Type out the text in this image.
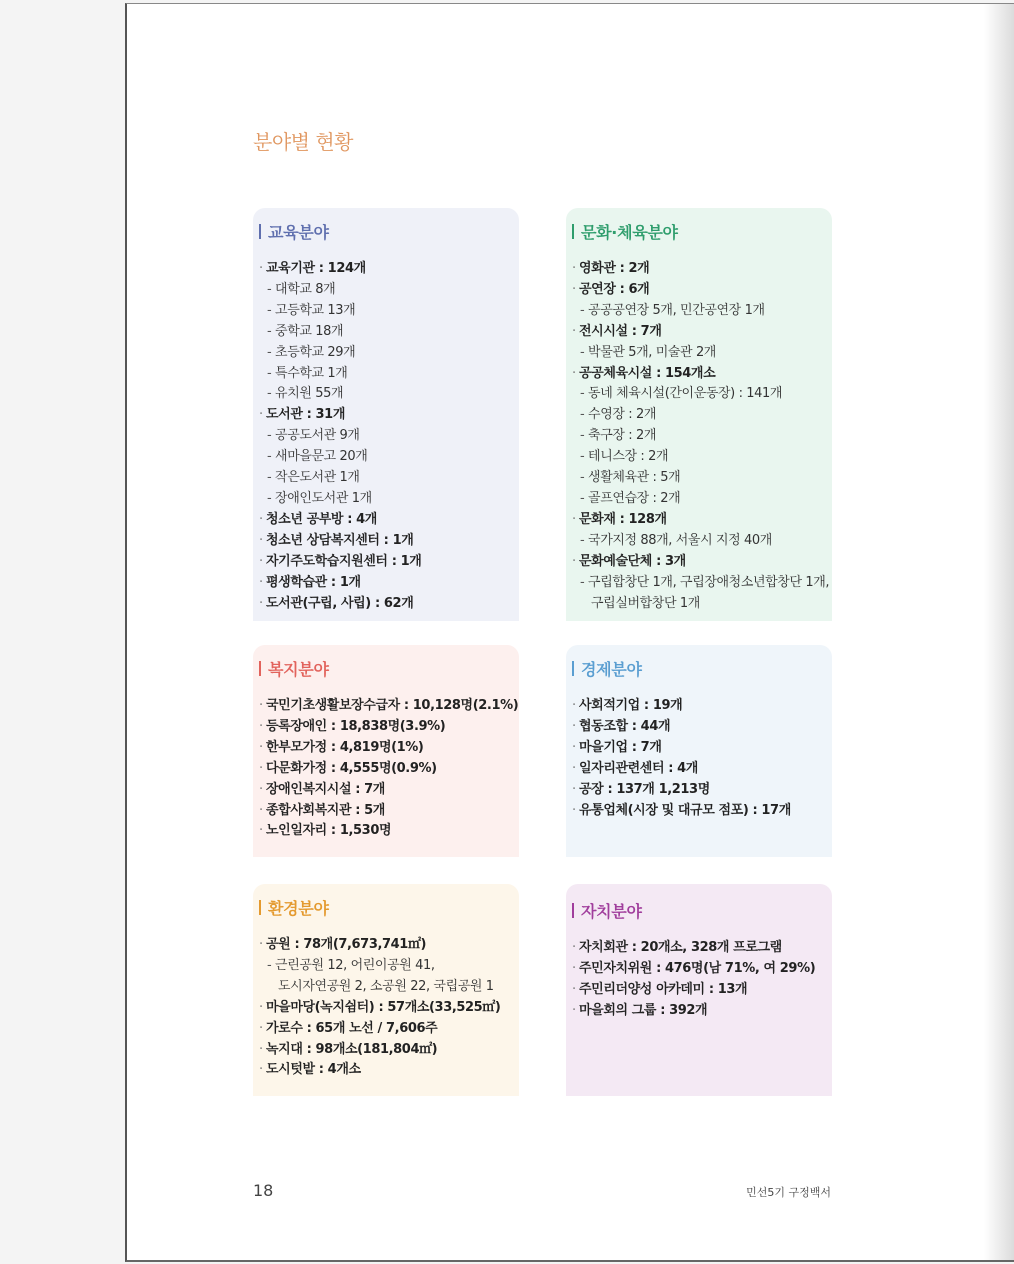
분야별 현황
교육분야
· 교육기관 : 124개
- 대학교 8개
- 고등학교 13개
- 중학교 18개
- 초등학교 29개
- 특수학교 1개
- 유치원 55개
· 도서관 : 31개
- 공공도서관 9개
- 새마을문고 20개
- 작은도서관 1개
- 장애인도서관 1개
· 청소년 공부방 : 4개
· 청소년 상담복지센터 : 1개
· 자기주도학습지원센터 : 1개
· 평생학습관 : 1개
· 도서관(구립, 사립) : 62개
문화·체육분야
· 영화관 : 2개
· 공연장 : 6개
- 공공공연장 5개, 민간공연장 1개
· 전시시설 : 7개
- 박물관 5개, 미술관 2개
· 공공체육시설 : 154개소
- 동네 체육시설(간이운동장) : 141개
- 수영장 : 2개
- 축구장 : 2개
- 테니스장 : 2개
- 생활체육관 : 5개
- 골프연습장 : 2개
· 문화재 : 128개
- 국가지정 88개, 서울시 지정 40개
· 문화예술단체 : 3개
- 구립합창단 1개, 구립장애청소년합창단 1개,
구립실버합창단 1개
복지분야
· 국민기초생활보장수급자 : 10,128명(2.1%)
· 등록장애인 : 18,838명(3.9%)
· 한부모가정 : 4,819명(1%)
· 다문화가정 : 4,555명(0.9%)
· 장애인복지시설 : 7개
· 종합사회복지관 : 5개
· 노인일자리 : 1,530명
경제분야
· 사회적기업 : 19개
· 협동조합 : 44개
· 마을기업 : 7개
· 일자리관련센터 : 4개
· 공장 : 137개 1,213명
· 유통업체(시장 및 대규모 점포) : 17개
환경분야
· 공원 : 78개(7,673,741㎡)
- 근린공원 12, 어린이공원 41,
도시자연공원 2, 소공원 22, 국립공원 1
· 마을마당(녹지쉼터) : 57개소(33,525㎡)
· 가로수 : 65개 노선 / 7,606주
· 녹지대 : 98개소(181,804㎡)
· 도시텃밭 : 4개소
자치분야
· 자치회관 : 20개소, 328개 프로그램
· 주민자치위원 : 476명(남 71%, 여 29%)
· 주민리더양성 아카데미 : 13개
· 마을회의 그룹 : 392개
18	민선5기 구정백서
